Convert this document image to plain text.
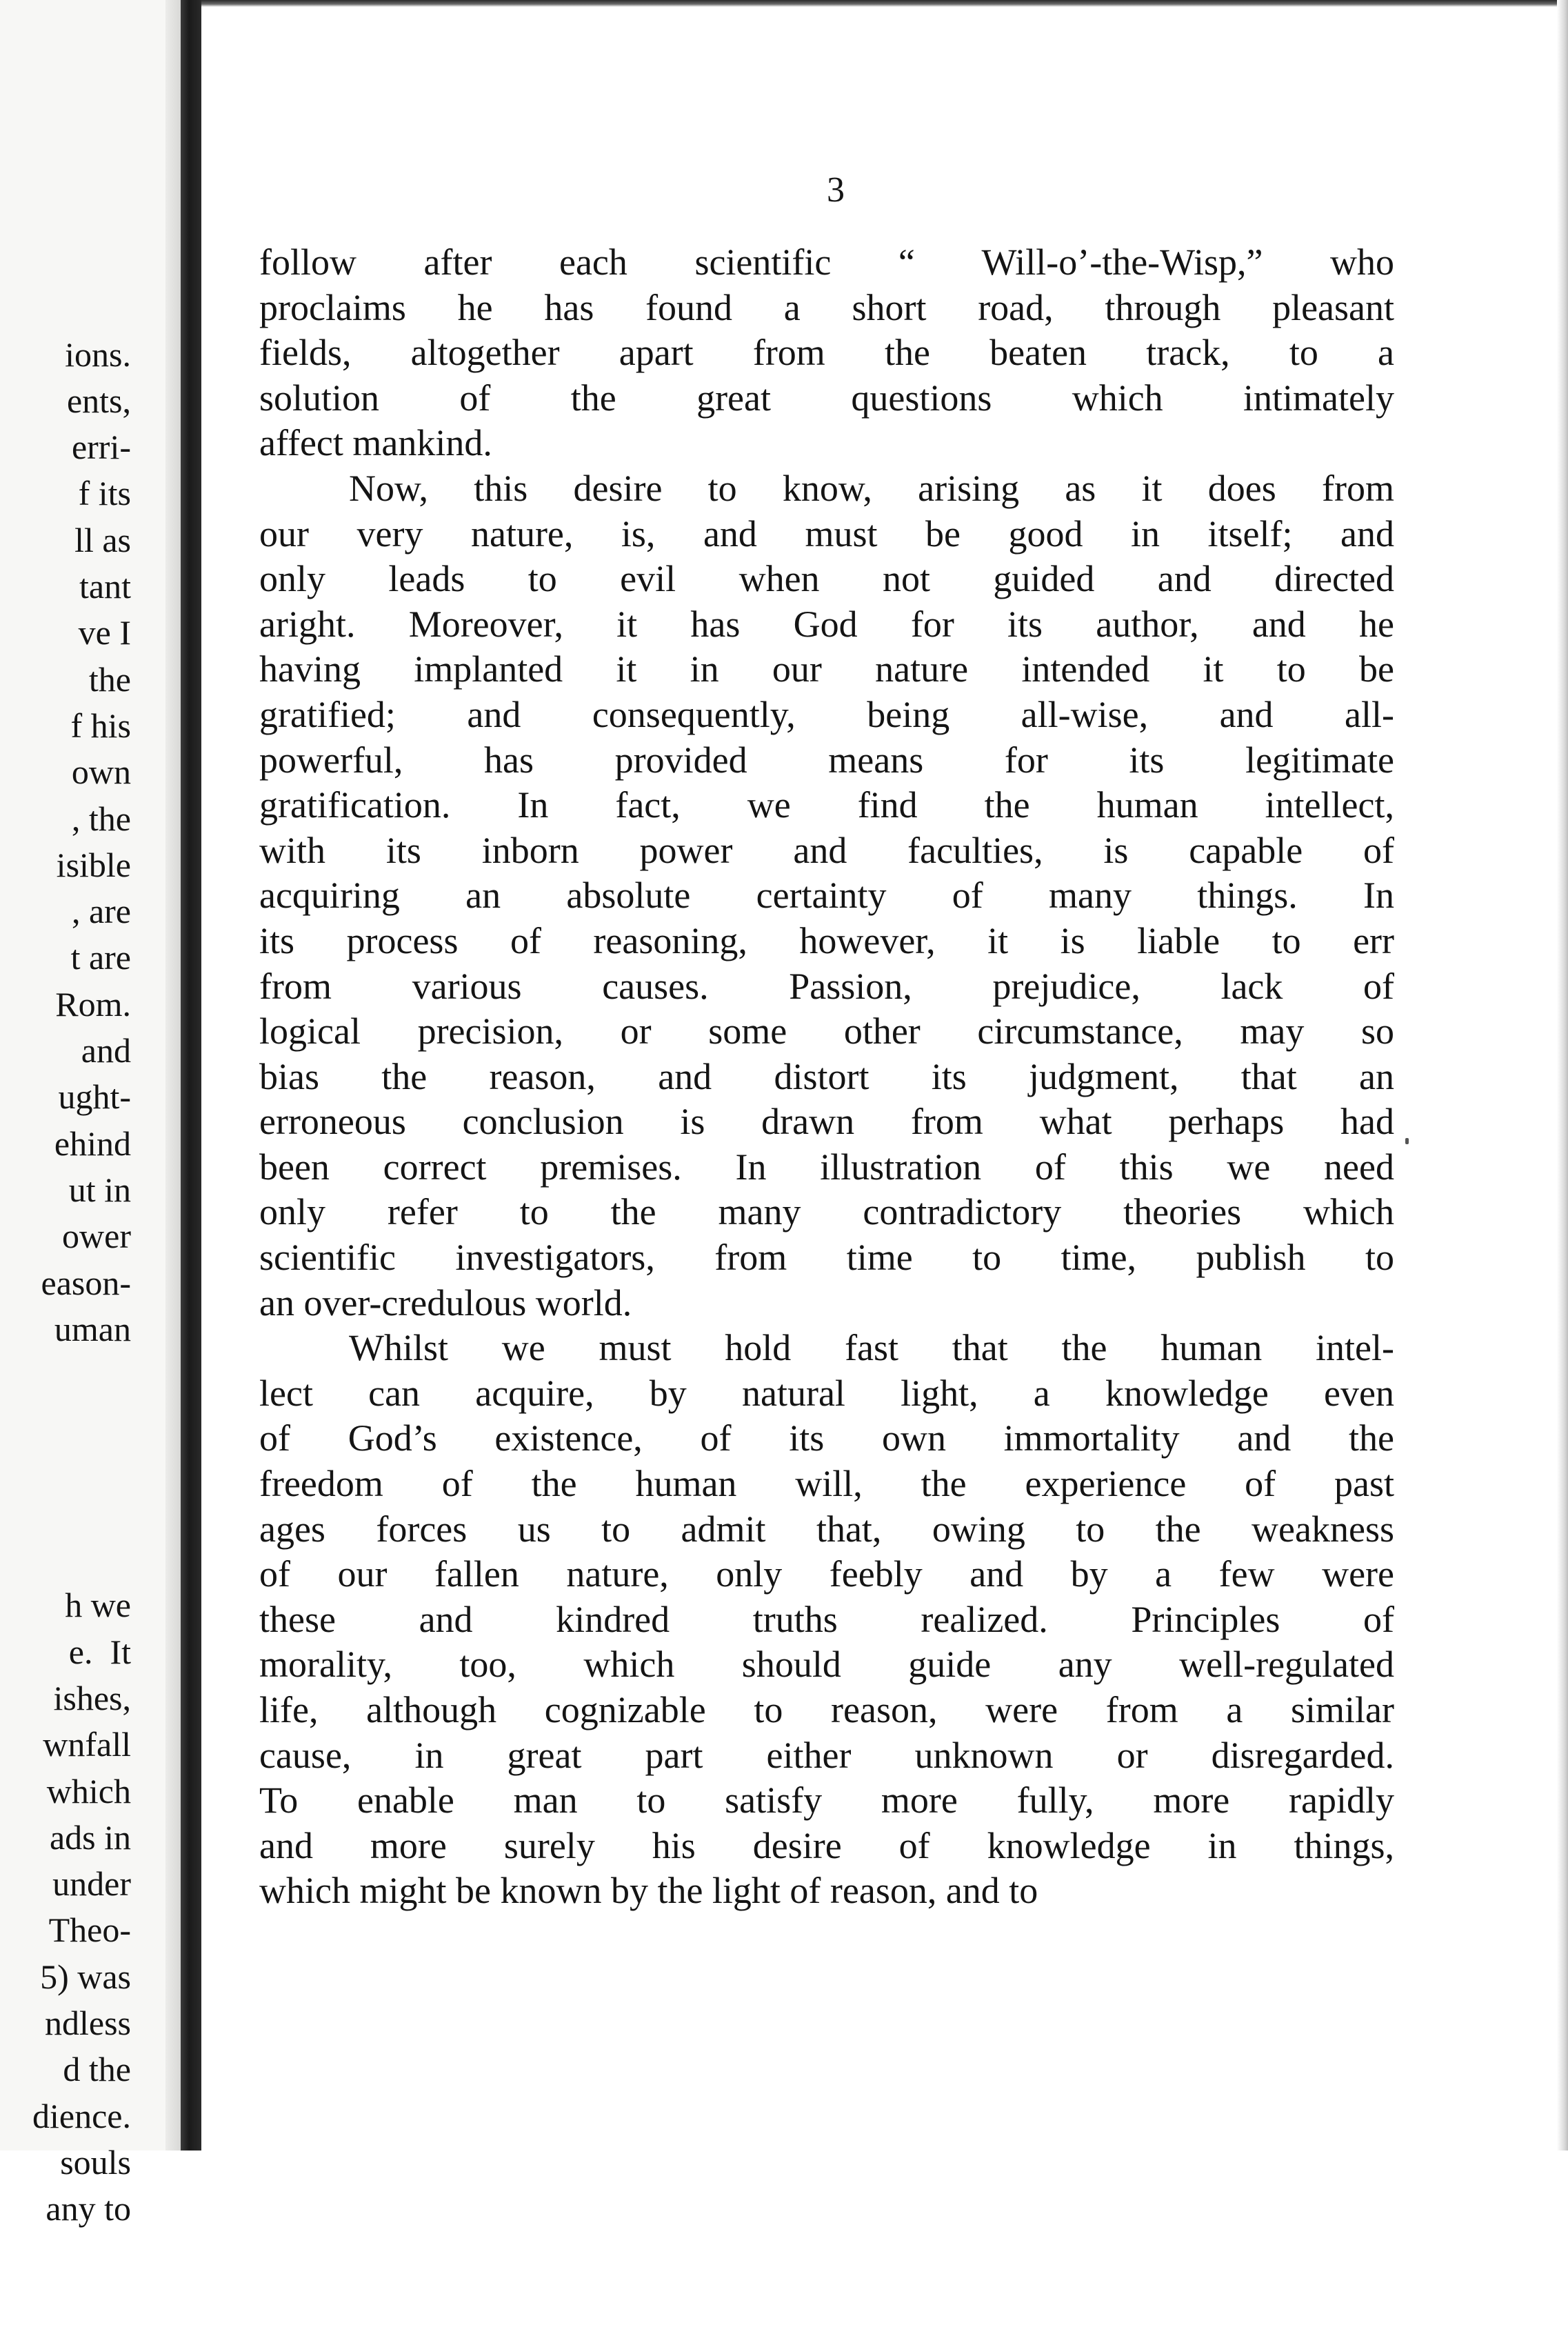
ions.
ents,
erri-
f its
ll as
tant
ve I
the
f his
own
, the
isible
, are
t are
Rom.
and
ught-
ehind
ut in
ower
eason-
uman

h we
e.  It
ishes,
wnfall
which
ads in
under
Theo-
5) was
ndless
d the
dience.
souls
any to

3

follow after each scientific “ Will-o’-the-Wisp,” who
proclaims he has found a short road, through pleasant
fields, altogether apart from the beaten track, to a
solution of the great questions which intimately
affect mankind.

Now, this desire to know, arising as it does from
our very nature, is, and must be good in itself; and
only leads to evil when not guided and directed
aright. Moreover, it has God for its author, and he
having implanted it in our nature intended it to be
gratified; and consequently, being all-wise, and all-
powerful, has provided means for its legitimate
gratification. In fact, we find the human intellect,
with its inborn power and faculties, is capable of
acquiring an absolute certainty of many things. In
its process of reasoning, however, it is liable to err
from various causes. Passion, prejudice, lack of
logical precision, or some other circumstance, may so
bias the reason, and distort its judgment, that an
erroneous conclusion is drawn from what perhaps had
been correct premises. In illustration of this we need
only refer to the many contradictory theories which
scientific investigators, from time to time, publish to
an over-credulous world.

Whilst we must hold fast that the human intel-
lect can acquire, by natural light, a knowledge even
of God’s existence, of its own immortality and the
freedom of the human will, the experience of past
ages forces us to admit that, owing to the weakness
of our fallen nature, only feebly and by a few were
these and kindred truths realized. Principles of
morality, too, which should guide any well-regulated
life, although cognizable to reason, were from a similar
cause, in great part either unknown or disregarded.
To enable man to satisfy more fully, more rapidly
and more surely his desire of knowledge in things,
which might be known by the light of reason, and to
